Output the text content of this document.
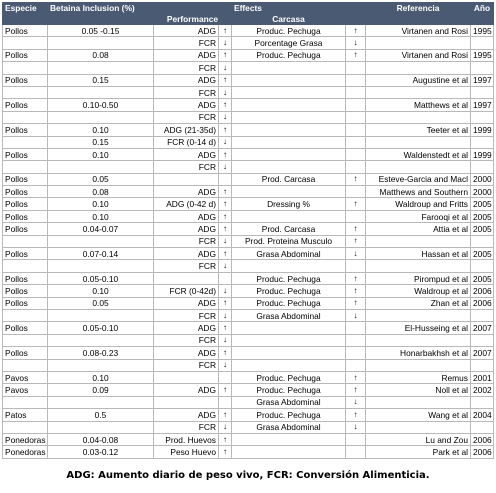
Especie	Betaina Inclusion (%)			Effects		Referencia	Año
		Performance		Carcasa			
Pollos	0.05 -0.15	ADG	↑	Produc. Pechuga	↑	Virtanen and Rosi	1995
		FCR	↓	Porcentage Grasa	↓		
Pollos	0.08	ADG	↑	Produc. Pechuga	↑	Virtanen and Rosi	1995
		FCR	↓				
Pollos	0.15	ADG	↑			Augustine et al	1997
		FCR	↓				
Pollos	0.10-0.50	ADG	↑			Matthews et al	1997
		FCR	↓				
Pollos	0.10	ADG (21-35d)	↑			Teeter et al	1999
	0.15	FCR (0-14 d)	↓				
Pollos	0.10	ADG	↑			Waldenstedt et al	1999
		FCR	↓				
Pollos	0.05			Prod. Carcasa	↑	Esteve-Garcia and Macl	2000
Pollos	0.08	ADG	↑			Matthews and Southern	2000
Pollos	0.10	ADG (0-42 d)	↑	Dressing %	↑	Waldroup and Fritts	2005
Pollos	0.10	ADG	↑			Farooqi et al	2005
Pollos	0.04-0.07	ADG	↑	Prod. Carcasa	↑	Attia et al	2005
		FCR	↓	Prod. Proteina Musculo	↑		
Pollos	0.07-0.14	ADG	↑	Grasa Abdominal	↓	Hassan et al	2005
		FCR	↓				
Pollos	0.05-0.10			Produc. Pechuga	↑	Pirompud et al	2005
Pollos	0.10	FCR (0-42d)	↓	Produc. Pechuga	↑	Waldroup et al	2006
Pollos	0.05	ADG	↑	Produc. Pechuga	↑	Zhan et al	2006
		FCR	↓	Grasa Abdominal	↓		
Pollos	0.05-0.10	ADG	↑			El-Husseing et al	2007
		FCR	↓				
Pollos	0.08-0.23	ADG	↑			Honarbakhsh et al	2007
		FCR	↓				
Pavos	0.10			Produc. Pechuga	↑	Remus	2001
Pavos	0.09	ADG	↑	Produc. Pechuga	↑	Noll et al	2002
				Grasa Abdominal	↓		
Patos	0.5	ADG	↑	Produc. Pechuga	↑	Wang et al	2004
		FCR	↓	Grasa Abdominal	↓		
Ponedoras	0.04-0.08	Prod. Huevos	↑			Lu and Zou	2006
Ponedoras	0.03-0.12	Peso Huevo	↑			Park et al	2006
ADG: Aumento diario de peso vivo, FCR: Conversión Alimenticia.
